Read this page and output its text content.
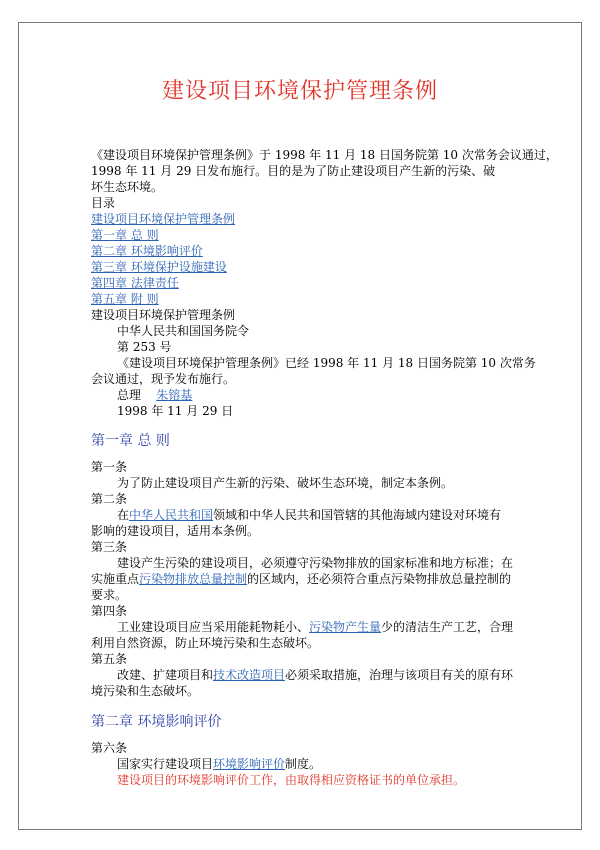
建设项目环境保护管理条例
《建设项目环境保护管理条例》于 1998 年 11 月 18 日国务院第 10 次常务会议通过，
1998 年 11 月 29 日发布施行。目的是为了防止建设项目产生新的污染、破
坏生态环境。
目录
建设项目环境保护管理条例
第一章 总 则
第二章 环境影响评价
第三章 环境保护设施建设
第四章 法律责任
第五章 附 则
建设项目环境保护管理条例
中华人民共和国国务院令
第 253 号
《建设项目环境保护管理条例》已经 1998 年 11 月 18 日国务院第 10 次常务
会议通过，现予发布施行。
总理 朱镕基
1998 年 11 月 29 日
第一章 总 则
第一条
为了防止建设项目产生新的污染、破坏生态环境，制定本条例。
第二条
在中华人民共和国领域和中华人民共和国管辖的其他海域内建设对环境有
影响的建设项目，适用本条例。
第三条
建设产生污染的建设项目，必须遵守污染物排放的国家标准和地方标准；在
实施重点污染物排放总量控制的区域内，还必须符合重点污染物排放总量控制的
要求。
第四条
工业建设项目应当采用能耗物耗小、污染物产生量少的清洁生产工艺，合理
利用自然资源，防止环境污染和生态破坏。
第五条
改建、扩建项目和技术改造项目必须采取措施，治理与该项目有关的原有环
境污染和生态破坏。
第二章 环境影响评价
第六条
国家实行建设项目环境影响评价制度。
建设项目的环境影响评价工作，由取得相应资格证书的单位承担。
